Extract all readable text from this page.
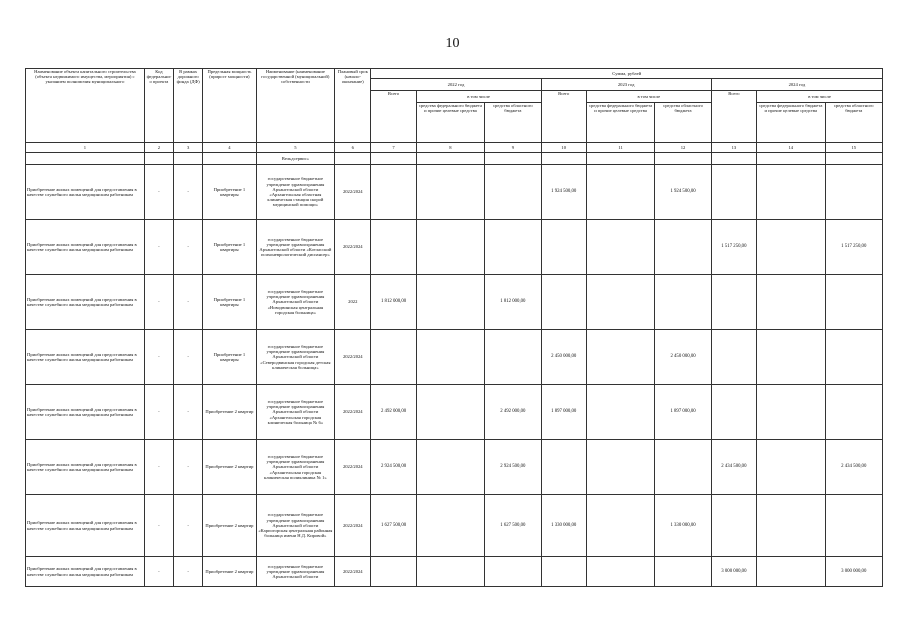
10
Наименование объекта капитального строительства (объекта недвижимого имущества, мероприятия) с указанием полномочия муниципального	Код федерального проекта	В рамках дорожного фонда (ДФ)	Предельная мощность (прирост мощности)	Наименование (наименование государственной (муниципальной) собственности	Плановый срок (начало-окончание)	Сумма, рублей								
						2022 год			2023 год			2024 год		
						Всего	в том числе		Всего	в том числе		Всего	в том числе	
							средства федерального бюджета и прочие целевые средства	средства областного бюджета		средства федерального бюджета и прочие целевые средства	средства областного бюджета		средства федерального бюджета и прочие целевые средства	средства областного бюджета
1	2	3	4	5	6	7	8	9	10	11	12	13	14	15
				Вельдсервис»										
Приобретение жилых помещений для предоставления в качестве служебного жилья медицинским работникам	-	-	Приобретение 1 квартиры	государственное бюджетное учреждение здравоохранения Архангельской области «Архангельская областная клиническая станция скорой медицинской помощи»	2022/2024				1 924 500,00		1 924 500,00			
Приобретение жилых помещений для предоставления в качестве служебного жилья медицинским работникам	-	-	Приобретение 1 квартиры	государственное бюджетное учреждение здравоохранения Архангельской области «Котласский психоневрологический диспансер»	2022/2024							1 517 250,00		1 517 250,00
Приобретение жилых помещений для предоставления в качестве служебного жилья медицинским работникам	-	-	Приобретение 1 квартиры	государственное бюджетное учреждение здравоохранения Архангельской области «Новодвинская центральная городская больница»	2022	1 812 000,00		1 812 000,00						
Приобретение жилых помещений для предоставления в качестве служебного жилья медицинским работникам	-	-	Приобретение 1 квартиры	государственное бюджетное учреждение здравоохранения Архангельской области «Северодвинская городская детская клиническая больница»	2022/2024				2 450 000,00		2 450 000,00			
Приобретение жилых помещений для предоставления в качестве служебного жилья медицинским работникам	-	-	Приобретение 2 квартир	государственное бюджетное учреждение здравоохранения Архангельской области «Архангельская городская клиническая больница № 6»	2022/2024	2 492 000,00		2 492 000,00	1 897 000,00		1 897 000,00			
Приобретение жилых помещений для предоставления в качестве служебного жилья медицинским работникам	-	-	Приобретение 2 квартир	государственное бюджетное учреждение здравоохранения Архангельской области «Архангельская городская клиническая поликлиника № 1»	2022/2024	2 924 500,00		2 924 500,00				2 434 500,00		2 434 500,00
Приобретение жилых помещений для предоставления в качестве служебного жилья медицинским работникам	-	-	Приобретение 2 квартир	государственное бюджетное учреждение здравоохранения Архангельской области «Карпогорская центральная районная больница имени Н.Д. Кировой»	2022/2024	1 627 500,00		1 627 500,00	1 330 000,00		1 330 000,00			
Приобретение жилых помещений для предоставления в качестве служебного жилья медицинским работникам	-	-	Приобретение 2 квартир	государственное бюджетное учреждение здравоохранения Архангельской области	2022/2024							3 000 000,00		3 000 000,00
